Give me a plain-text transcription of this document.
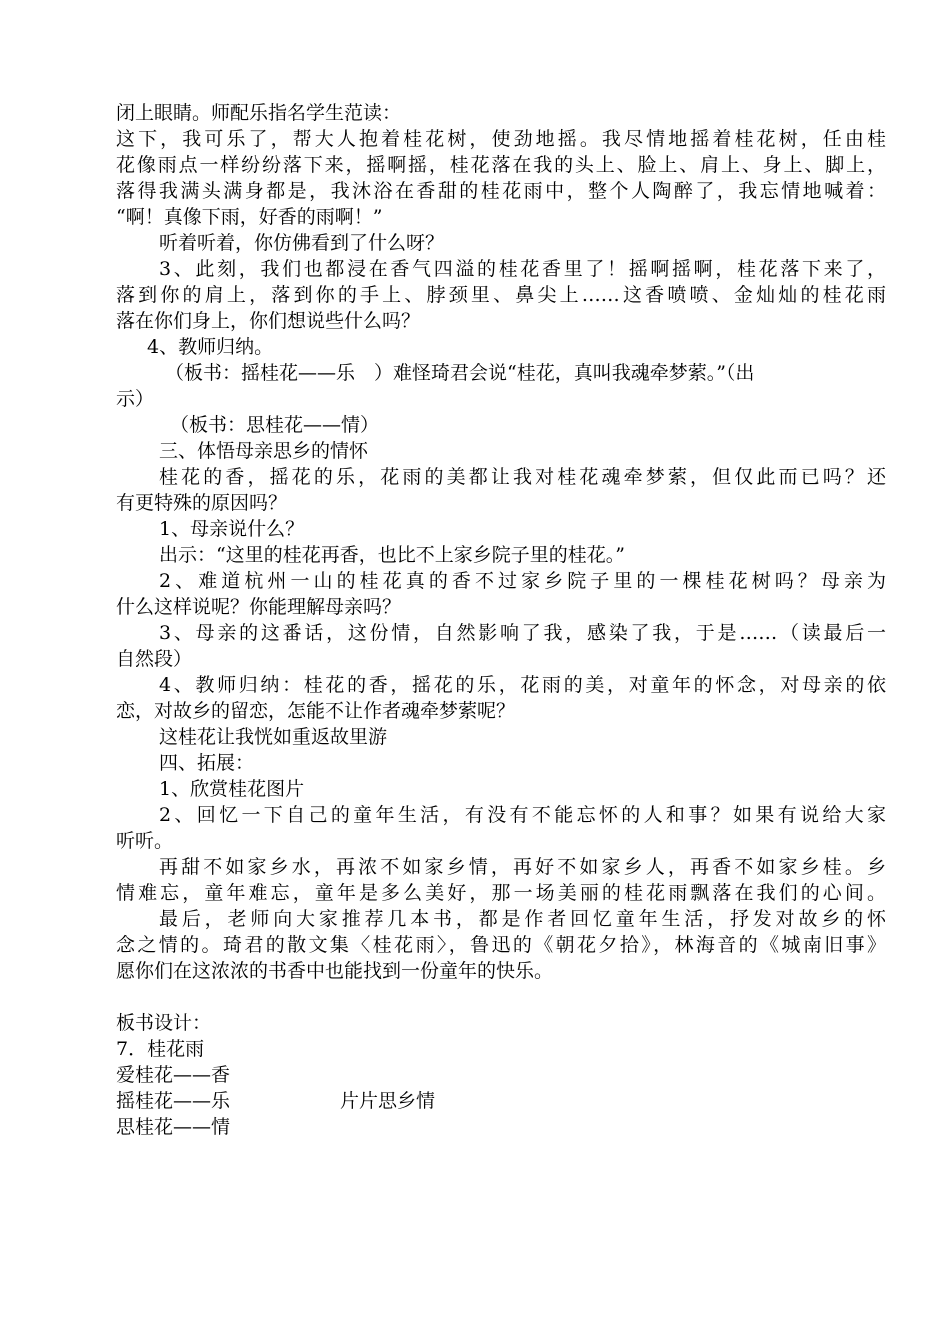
闭上眼睛。师配乐指名学生范读：
这下，我可乐了，帮大人抱着桂花树，使劲地摇。我尽情地摇着桂花树，任由桂
花像雨点一样纷纷落下来，摇啊摇，桂花落在我的头上、脸上、肩上、身上、脚上，
落得我满头满身都是，我沐浴在香甜的桂花雨中，整个人陶醉了，我忘情地喊着：
“啊！真像下雨，好香的雨啊！”
听着听着，你仿佛看到了什么呀？
3、此刻，我们也都浸在香气四溢的桂花香里了！摇啊摇啊，桂花落下来了，
落到你的肩上，落到你的手上、脖颈里、鼻尖上……这香喷喷、金灿灿的桂花雨
落在你们身上，你们想说些什么吗？
4、教师归纳。
（板书：摇桂花——乐　）难怪琦君会说“桂花，真叫我魂牵梦萦。”（出
示）
（板书：思桂花——情）
三、体悟母亲思乡的情怀
桂花的香，摇花的乐，花雨的美都让我对桂花魂牵梦萦，但仅此而已吗？还
有更特殊的原因吗？
1、母亲说什么？
出示：“这里的桂花再香，也比不上家乡院子里的桂花。”
2、难道杭州一山的桂花真的香不过家乡院子里的一棵桂花树吗？母亲为
什么这样说呢？你能理解母亲吗？
3、母亲的这番话，这份情，自然影响了我，感染了我，于是……（读最后一
自然段）
4、教师归纳：桂花的香，摇花的乐，花雨的美，对童年的怀念，对母亲的依
恋，对故乡的留恋，怎能不让作者魂牵梦萦呢？
这桂花让我恍如重返故里游
四、拓展：
1、欣赏桂花图片
2、回忆一下自己的童年生活，有没有不能忘怀的人和事？如果有说给大家
听听。
再甜不如家乡水，再浓不如家乡情，再好不如家乡人，再香不如家乡桂。乡
情难忘，童年难忘，童年是多么美好，那一场美丽的桂花雨飘落在我们的心间。
最后，老师向大家推荐几本书，都是作者回忆童年生活，抒发对故乡的怀
念之情的。琦君的散文集〈桂花雨〉，鲁迅的《朝花夕拾》，林海音的《城南旧事》
愿你们在这浓浓的书香中也能找到一份童年的快乐。
板书设计：
7．桂花雨
爱桂花——香
摇桂花——乐	片片思乡情
思桂花——情
